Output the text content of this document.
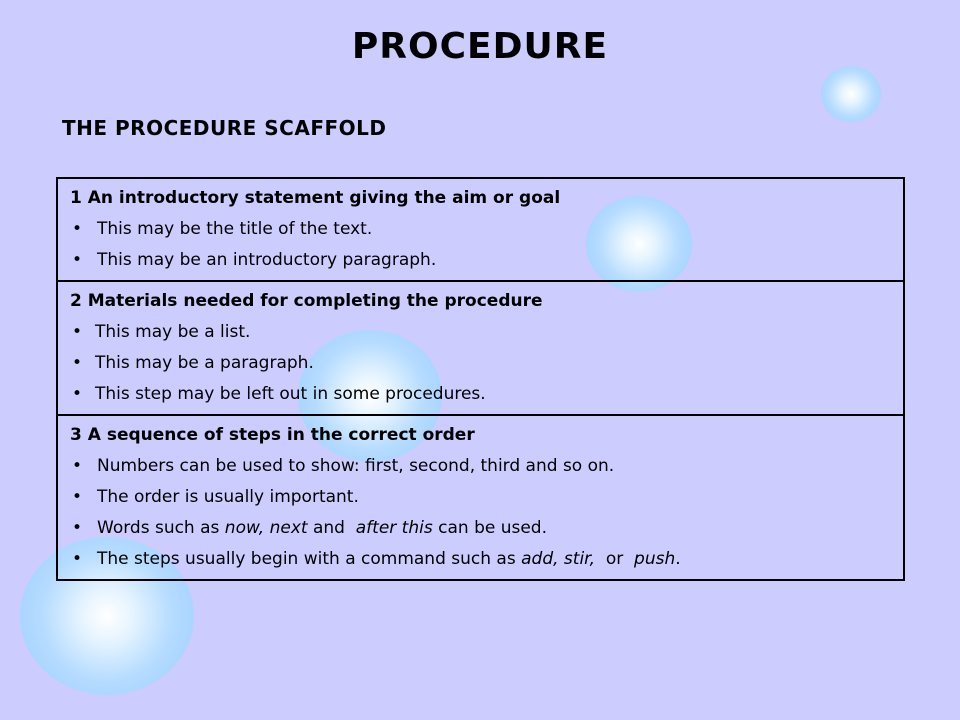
PROCEDURE
THE PROCEDURE SCAFFOLD
1 An introductory statement giving the aim or goal
• This may be the title of the text.
• This may be an introductory paragraph.
2 Materials needed for completing the procedure
• This may be a list.
• This may be a paragraph.
• This step may be left out in some procedures.
3 A sequence of steps in the correct order
• Numbers can be used to show: first, second, third and so on.
• The order is usually important.
• Words such as now, next and  after this can be used.
• The steps usually begin with a command such as add, stir,  or  push.
